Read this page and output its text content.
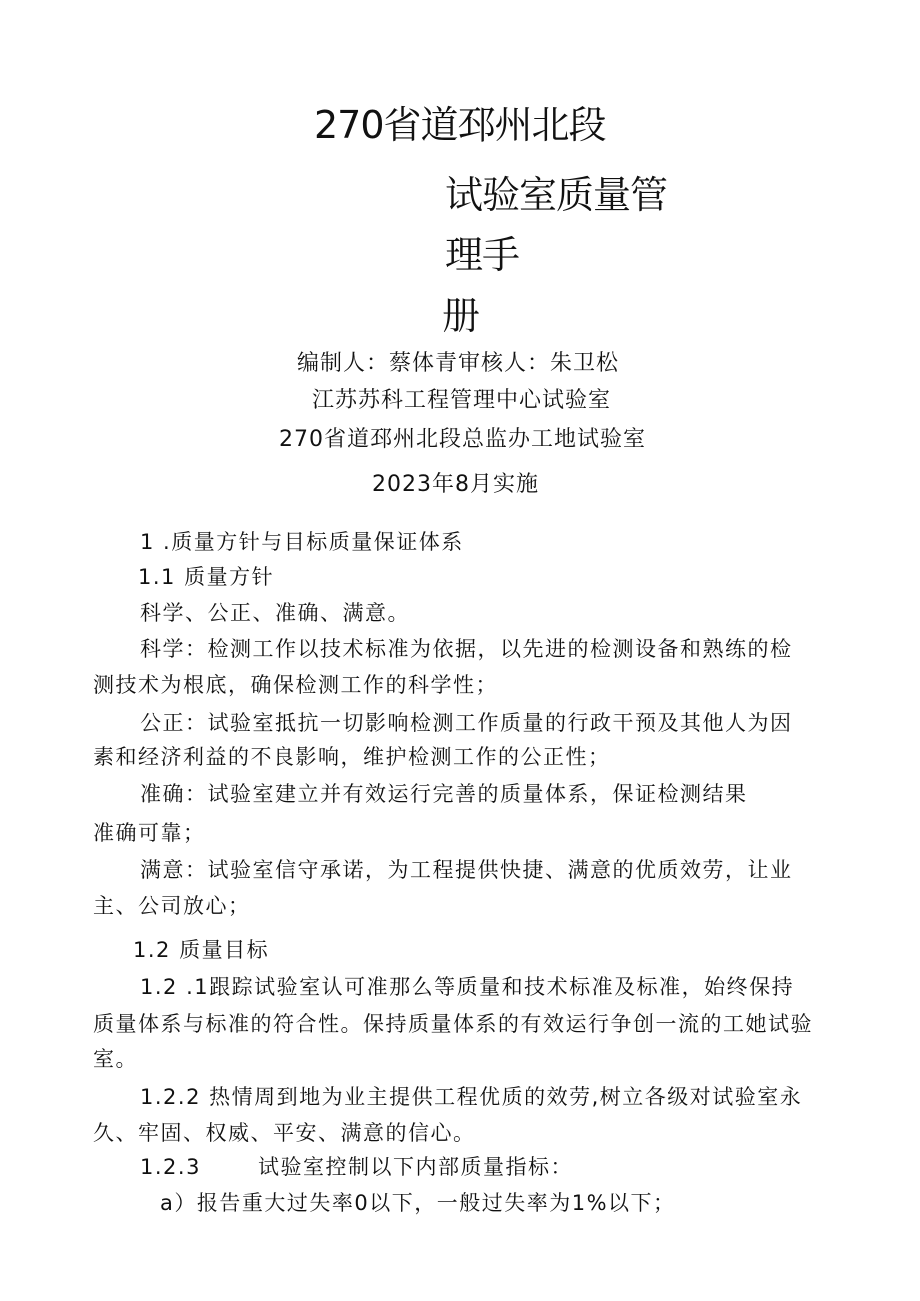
270省道邳州北段
试验室质量管
理手
册
编制人：蔡体青审核人：朱卫松
江苏苏科工程管理中心试验室
270省道邳州北段总监办工地试验室
2023年8月实施
1 .质量方针与目标质量保证体系
1.1 质量方针
科学、公正、准确、满意。
科学：检测工作以技术标准为依据，以先进的检测设备和熟练的检
测技术为根底，确保检测工作的科学性；
公正：试验室抵抗一切影响检测工作质量的行政干预及其他人为因
素和经济利益的不良影响，维护检测工作的公正性；
准确：试验室建立并有效运行完善的质量体系，保证检测结果
准确可靠；
满意：试验室信守承诺，为工程提供快捷、满意的优质效劳，让业
主、公司放心；
1.2 质量目标
1.2 .1跟踪试验室认可准那么等质量和技术标准及标准，始终保持
质量体系与标准的符合性。保持质量体系的有效运行争创一流的工她试验
室。
1.2.2 热情周到地为业主提供工程优质的效劳,树立各级对试验室永
久、牢固、权威、平安、满意的信心。
1.2.3	试验室控制以下内部质量指标：
a）报告重大过失率0以下，一般过失率为1%以下；
